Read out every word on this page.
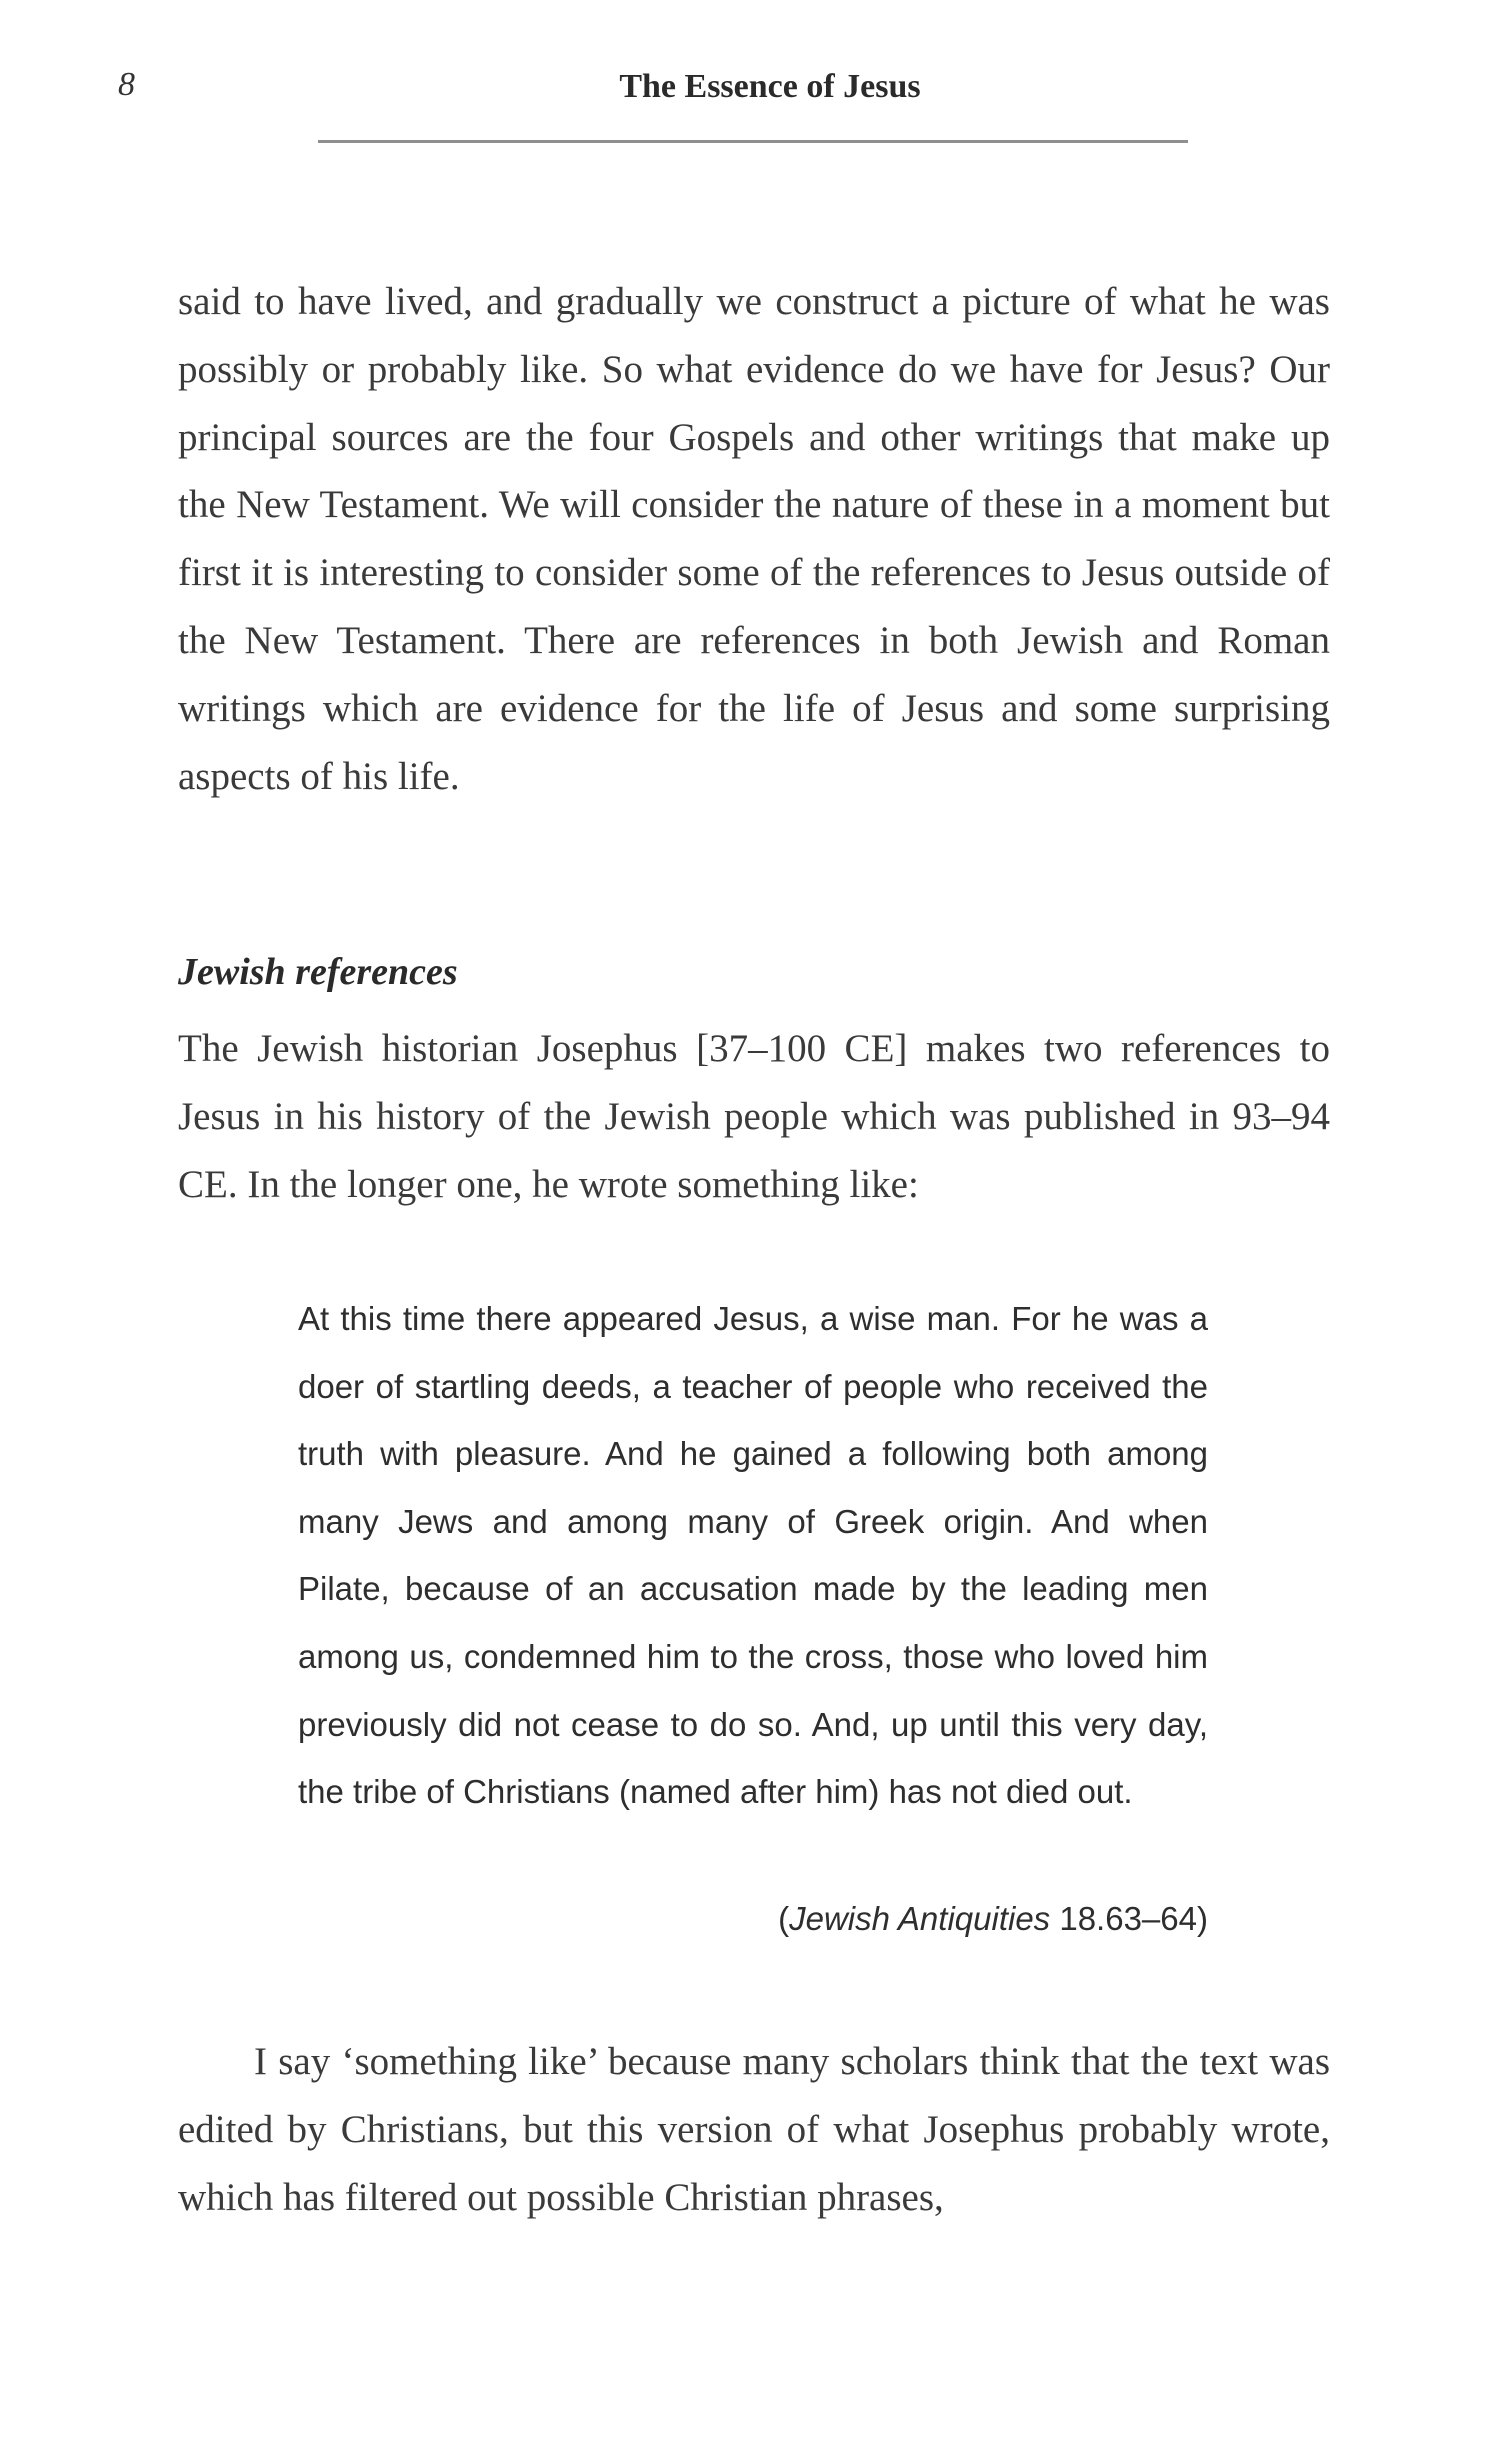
8	The Essence of Jesus

said to have lived, and gradually we construct a picture of what he was possibly or probably like. So what evidence do we have for Jesus? Our principal sources are the four Gospels and other writings that make up the New Testament. We will consider the nature of these in a moment but first it is interesting to consider some of the references to Jesus outside of the New Testament. There are references in both Jewish and Roman writings which are evidence for the life of Jesus and some surprising aspects of his life.

Jewish references

The Jewish historian Josephus [37–100 CE] makes two references to Jesus in his history of the Jewish people which was published in 93–94 CE. In the longer one, he wrote something like:

At this time there appeared Jesus, a wise man. For he was a doer of startling deeds, a teacher of people who received the truth with pleasure. And he gained a following both among many Jews and among many of Greek origin. And when Pilate, because of an accusation made by the leading men among us, condemned him to the cross, those who loved him previously did not cease to do so. And, up until this very day, the tribe of Christians (named after him) has not died out.

(Jewish Antiquities 18.63–64)

I say ‘something like’ because many scholars think that the text was edited by Christians, but this version of what Josephus probably wrote, which has filtered out possible Christian phrases,
